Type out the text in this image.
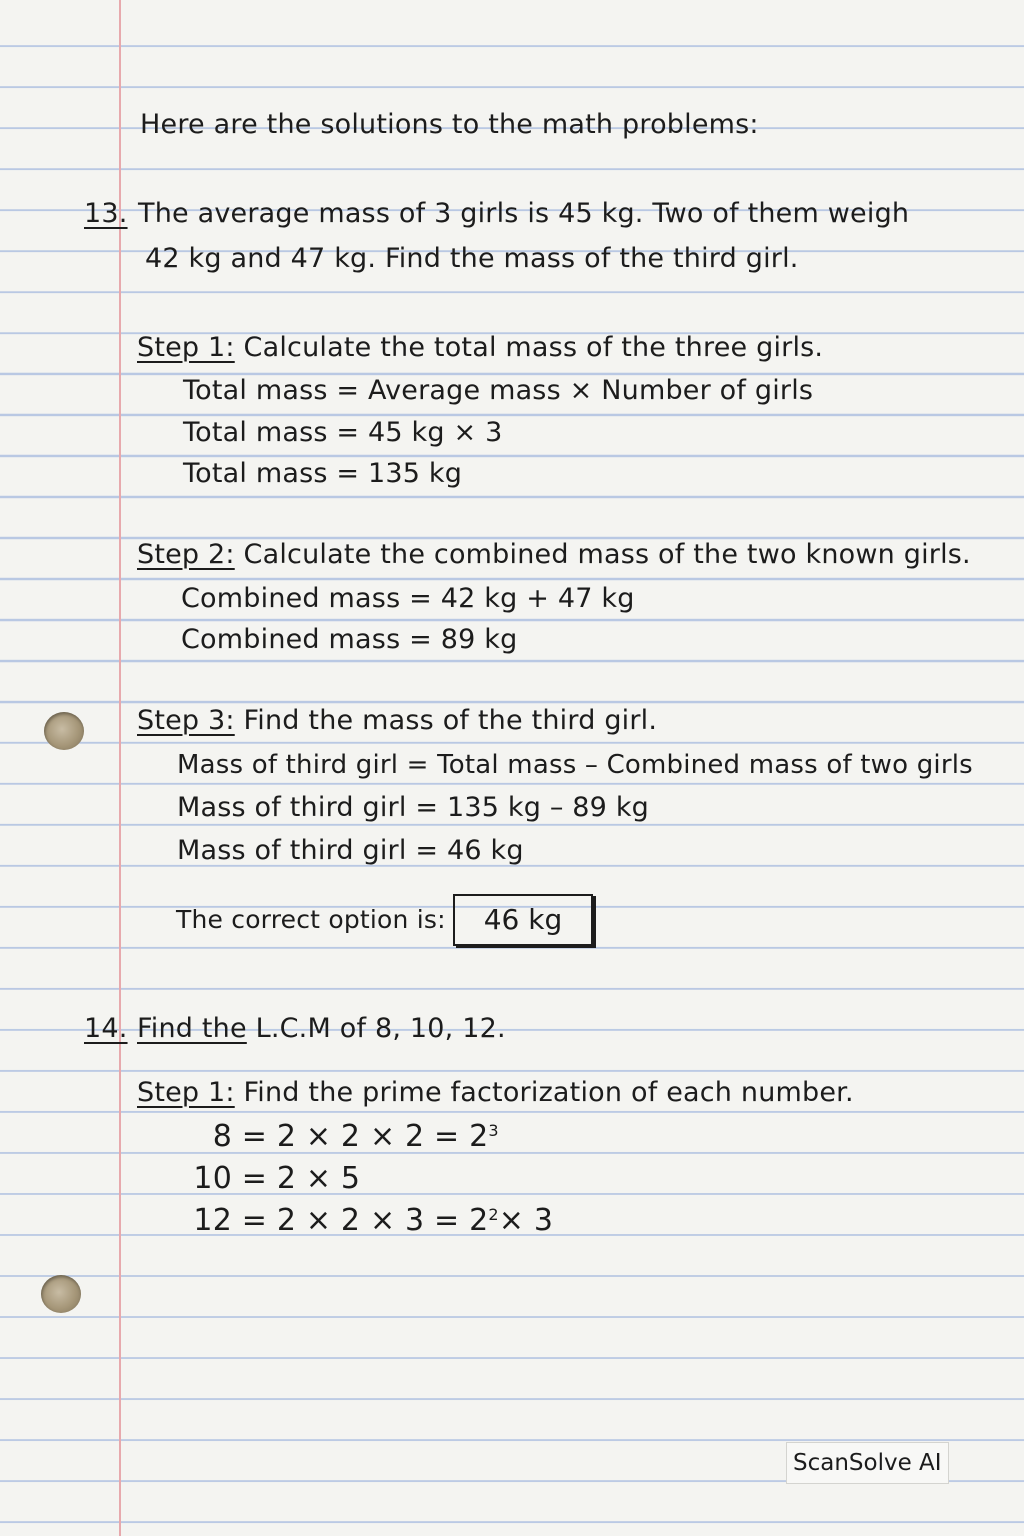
Here are the solutions to the math problems:
13. The average mass of 3 girls is 45 kg. Two of them weigh
42 kg and 47 kg. Find the mass of the third girl.
Step 1: Calculate the total mass of the three girls.
Total mass = Average mass × Number of girls
Total mass = 45 kg × 3
Total mass = 135 kg
Step 2: Calculate the combined mass of the two known girls.
Combined mass = 42 kg + 47 kg
Combined mass = 89 kg
Step 3: Find the mass of the third girl.
Mass of third girl = Total mass – Combined mass of two girls
Mass of third girl = 135 kg – 89 kg
Mass of third girl = 46 kg
The correct option is:	46 kg
14. Find the L.C.M of 8, 10, 12.
Step 1: Find the prime factorization of each number.
$8 = 2 \times 2 \times 2 = 2^3$
10 = 2 × 5
$12 = 2 \times 2 \times 3 = 2^2\times 3$
ScanSolve AI
